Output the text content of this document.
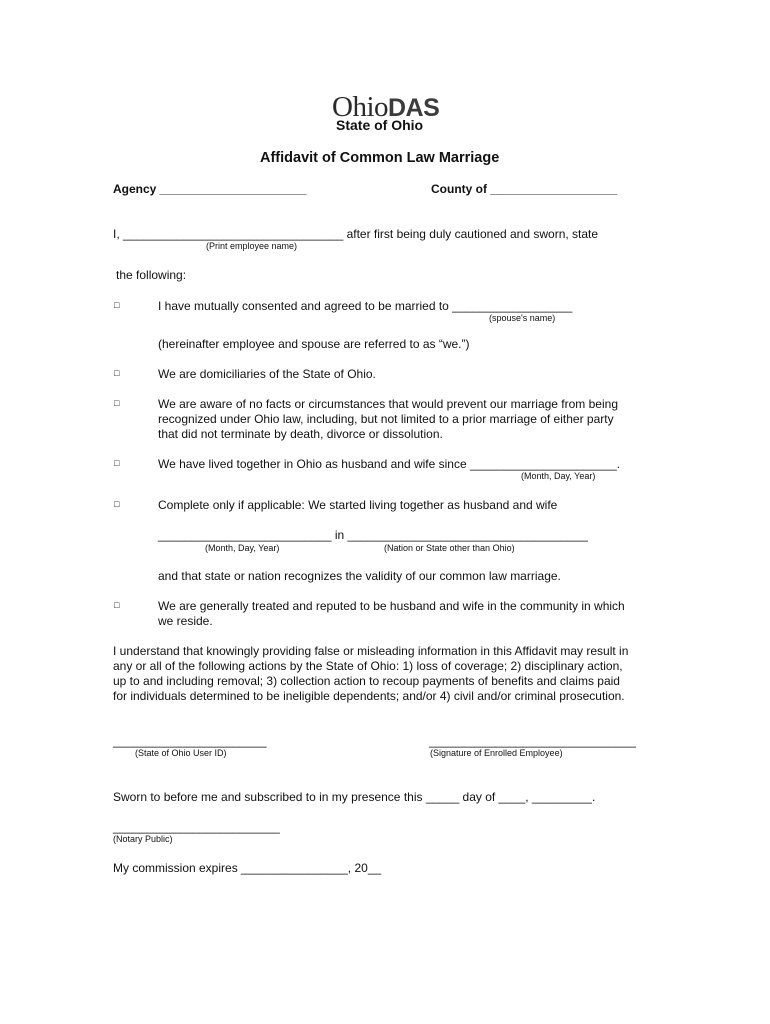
Ohio DAS
State of Ohio
Affidavit of Common Law Marriage
Agency ______________________	County of ___________________
I, _________________________________ after first being duly cautioned and sworn, state
(Print employee name)
the following:
□	I have mutually consented and agreed to be married to __________________
(spouse's name)
(hereinafter employee and spouse are referred to as “we.”)
□	We are domiciliaries of the State of Ohio.
□	We are aware of no facts or circumstances that would prevent our marriage from being
recognized under Ohio law, including, but not limited to a prior marriage of either party
that did not terminate by death, divorce or dissolution.
□	We have lived together in Ohio as husband and wife since ______________________.
(Month, Day, Year)
□	Complete only if applicable: We started living together as husband and wife
__________________________ in ____________________________________
(Month, Day, Year)	(Nation or State other than Ohio)
and that state or nation recognizes the validity of our common law marriage.
□	We are generally treated and reputed to be husband and wife in the community in which
we reside.
I understand that knowingly providing false or misleading information in this Affidavit may result in
any or all of the following actions by the State of Ohio: 1) loss of coverage; 2) disciplinary action,
up to and including removal; 3) collection action to recoup payments of benefits and claims paid
for individuals determined to be ineligible dependents; and/or 4) civil and/or criminal prosecution.
_______________________
(State of Ohio User ID)
_______________________________
(Signature of Enrolled Employee)
Sworn to before me and subscribed to in my presence this _____ day of ____, _________.
_________________________
(Notary Public)
My commission expires ________________, 20__
